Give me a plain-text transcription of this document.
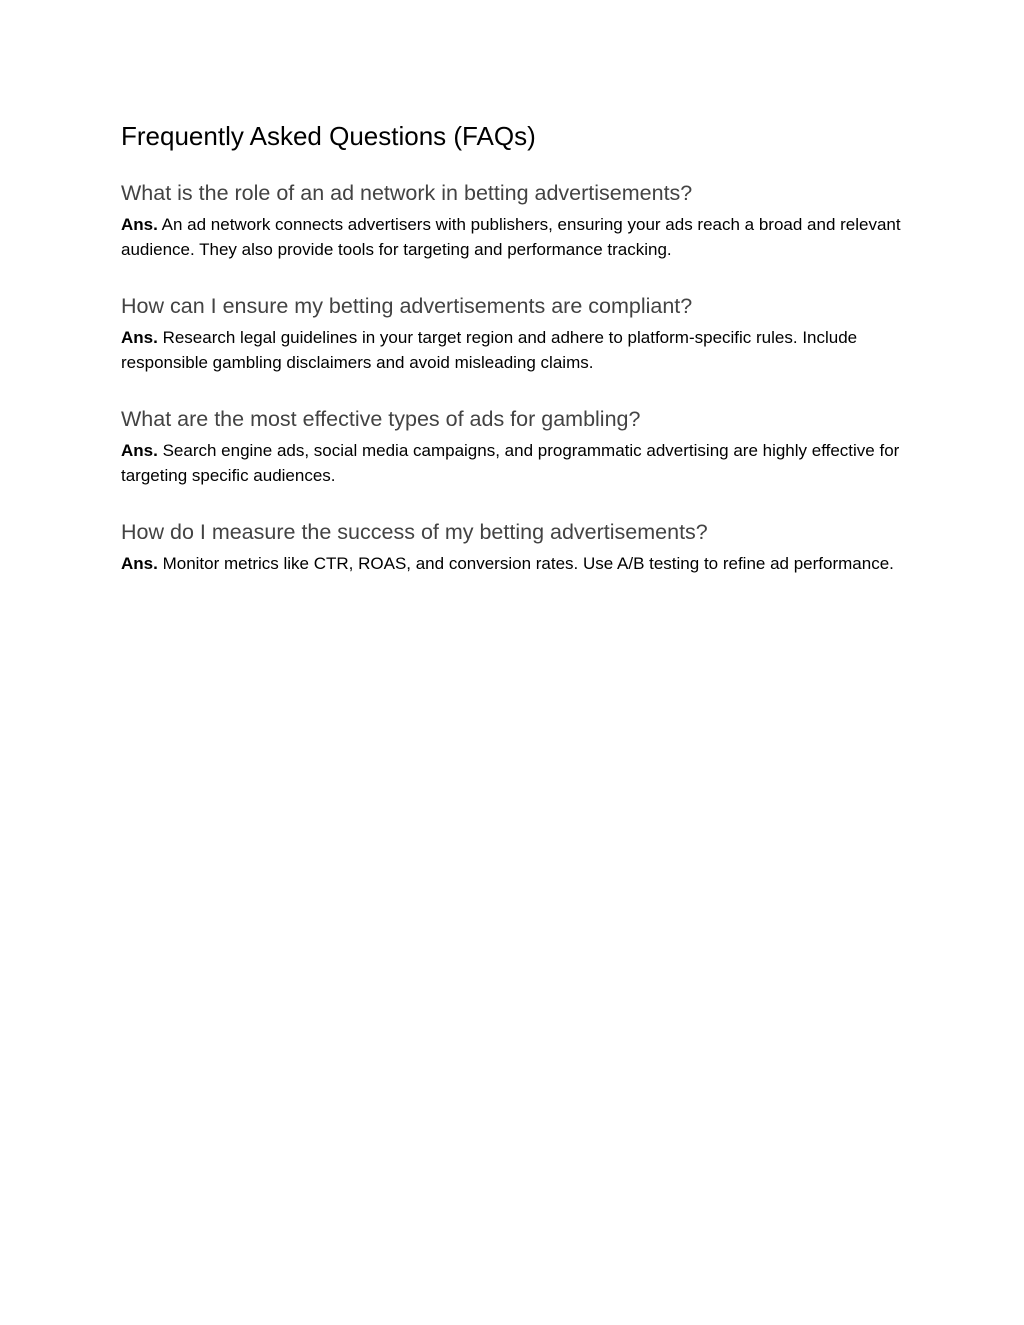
Frequently Asked Questions (FAQs)
What is the role of an ad network in betting advertisements?

Ans. An ad network connects advertisers with publishers, ensuring your ads reach a broad and relevant audience. They also provide tools for targeting and performance tracking.

How can I ensure my betting advertisements are compliant?

Ans. Research legal guidelines in your target region and adhere to platform-specific rules. Include responsible gambling disclaimers and avoid misleading claims.

What are the most effective types of ads for gambling?

Ans. Search engine ads, social media campaigns, and programmatic advertising are highly effective for targeting specific audiences.

How do I measure the success of my betting advertisements?

Ans. Monitor metrics like CTR, ROAS, and conversion rates. Use A/B testing to refine ad performance.
